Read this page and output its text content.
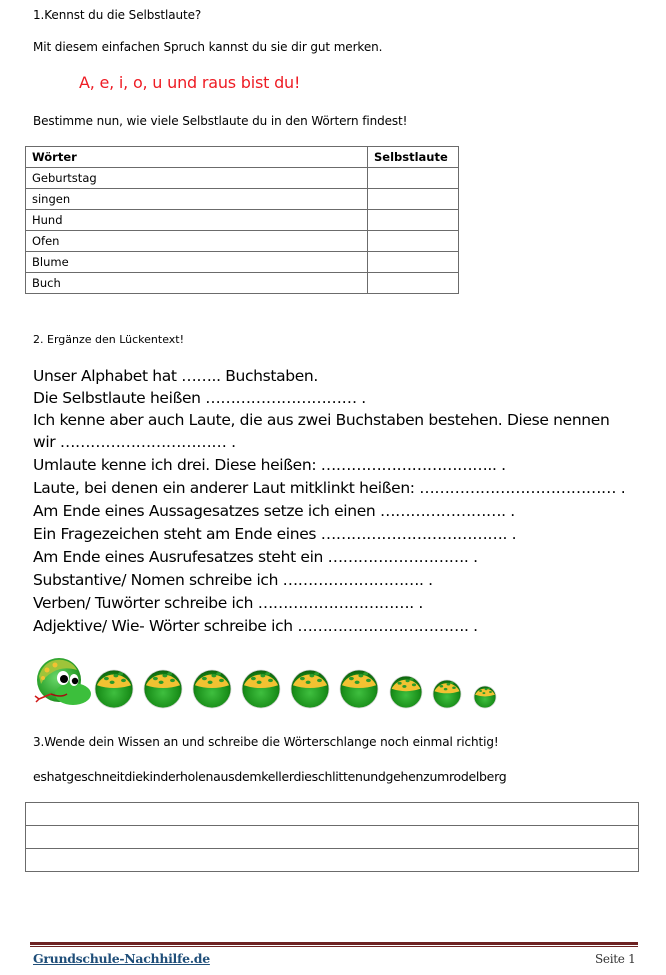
1.Kennst du die Selbstlaute?
Mit diesem einfachen Spruch kannst du sie dir gut merken.
A, e, i, o, u und raus bist du!
Bestimme nun, wie viele Selbstlaute du in den Wörtern findest!
Wörter	Selbstlaute
Geburtstag	
singen	
Hund	
Ofen	
Blume	
Buch	
2. Ergänze den Lückentext!
Unser Alphabet hat …….. Buchstaben.
Die Selbstlaute heißen ………………………… .
Ich kenne aber auch Laute, die aus zwei Buchstaben bestehen. Diese nennen
wir …………………………… .
Umlaute kenne ich drei. Diese heißen: …………………………….. .
Laute, bei denen ein anderer Laut mitklinkt heißen: ………………………………… .
Am Ende eines Aussagesatzes setze ich einen ……………………. .
Ein Fragezeichen steht am Ende eines ………………………………. .
Am Ende eines Ausrufesatzes steht ein ………………………. .
Substantive/ Nomen schreibe ich ………………………. .
Verben/ Tuwörter schreibe ich …………………………. .
Adjektive/ Wie- Wörter schreibe ich ……………………………. .
3.Wende dein Wissen an und schreibe die Wörterschlange noch einmal richtig!
eshatgeschneitdiekinderholenausdemkellerdieschlittenundgehenzumrodelberg

Grundschule-Nachhilfe.de	Seite 1
